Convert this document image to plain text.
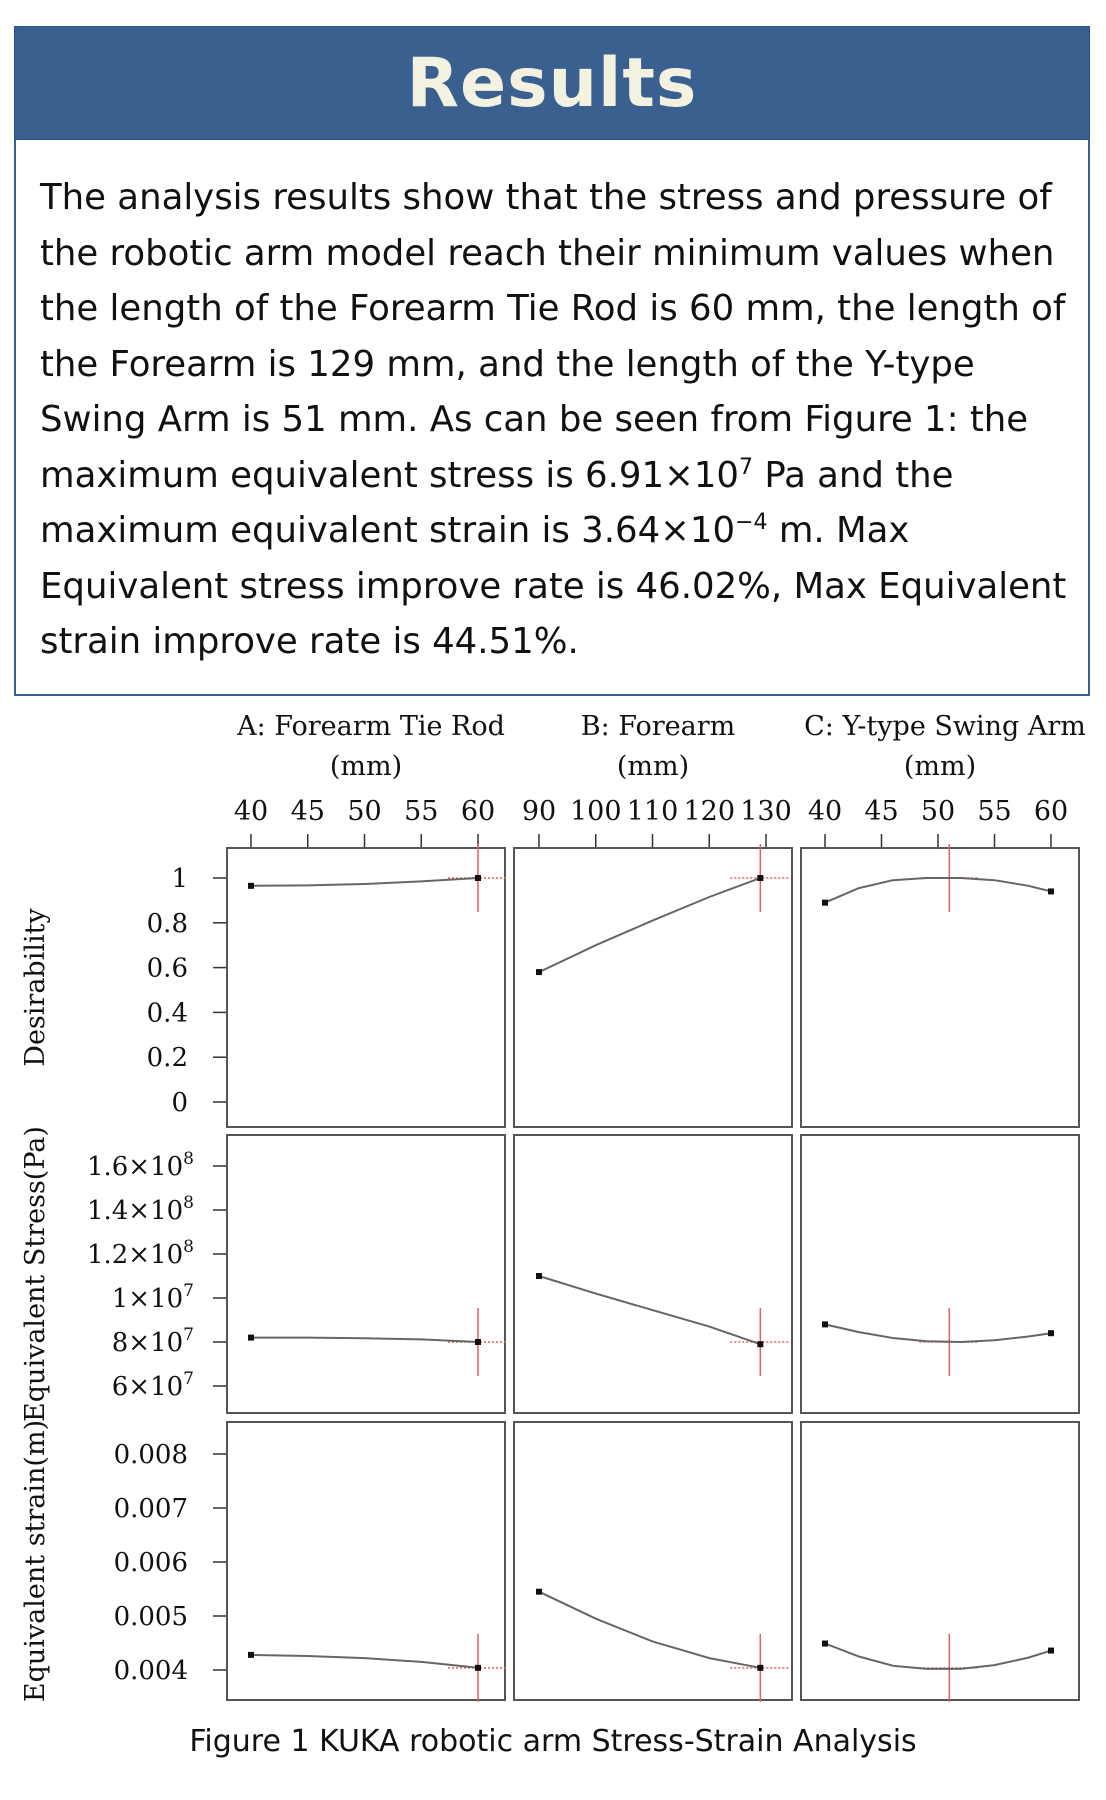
Results

The analysis results show that the stress and pressure of the robotic arm model reach their minimum values when the length of the Forearm Tie Rod is 60 mm, the length of the Forearm is 129 mm, and the length of the Y-type Swing Arm is 51 mm. As can be seen from Figure 1: the maximum equivalent stress is $6.91\times 10^7$ Pa and the maximum equivalent strain is $3.64\times 10^{-4}$ m. Max Equivalent stress improve rate is 46.02%, Max Equivalent strain improve rate is 44.51%.

A: Forearm Tie Rod
(mm)
40 45 50 55 60
B: Forearm
(mm)
90 100 110 120 130
C: Y-type Swing Arm
(mm)
40 45 50 55 60
Desirability
1
0.8
0.6
0.4
0.2
0
Equivalent Stress(Pa) $1.6\times 10^8$
$1.4\times 10^8$
$1.2\times 10^8$
$1\times 10^7$
$8\times 10^7$
$6\times 10^7$
Equivalent strain(m) 0.008
0.007
0.006
0.005
0.004
Figure 1 KUKA robotic arm Stress-Strain Analysis
